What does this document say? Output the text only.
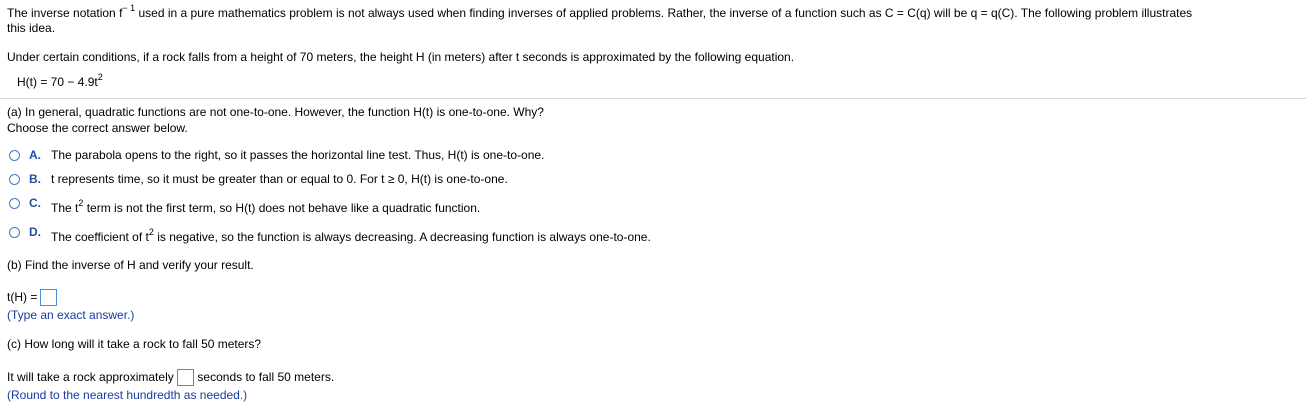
The inverse notation $f^{- 1}$ used in a pure mathematics problem is not always used when finding inverses of applied problems. Rather, the inverse of a function such as C = C(q) will be q = q(C). The following problem illustrates
this idea.
Under certain conditions, if a rock falls from a height of 70 meters, the height H (in meters) after t seconds is approximated by the following equation.
$H(t) = 70 - 4.9t^2$
(a) In general, quadratic functions are not one-to-one. However, the function H(t) is one-to-one. Why?
Choose the correct answer below.
A. The parabola opens to the right, so it passes the horizontal line test. Thus, H(t) is one-to-one.
B. t represents time, so it must be greater than or equal to 0. For t ≥ 0, H(t) is one-to-one.
C. The $t^2$ term is not the first term, so H(t) does not behave like a quadratic function.
D. The coefficient of $t^2$ is negative, so the function is always decreasing. A decreasing function is always one-to-one.
(b) Find the inverse of H and verify your result.
t(H) =
(Type an exact answer.)
(c) How long will it take a rock to fall 50 meters?
It will take a rock approximately seconds to fall 50 meters.
(Round to the nearest hundredth as needed.)
